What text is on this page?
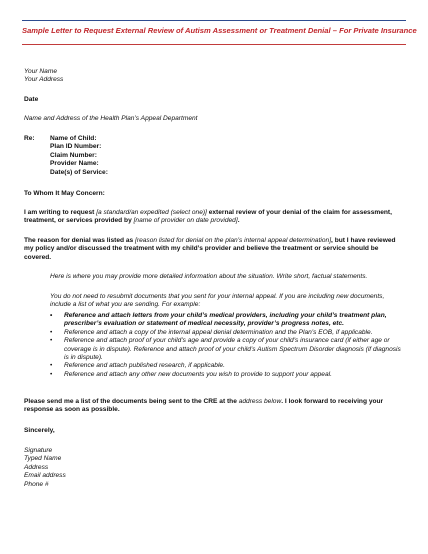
Sample Letter to Request External Review of Autism Assessment or Treatment Denial – For Private Insurance
Your Name
Your Address
Date
Name and Address of the Health Plan’s Appeal Department
Re: Name of Child:
Plan ID Number:
Claim Number:
Provider Name:
Date(s) of Service:
To Whom It May Concern:
I am writing to request [a standard/an expedited (select one)] external review of your denial of the claim for assessment, treatment, or services provided by [name of provider on date provided].
The reason for denial was listed as [reason listed for denial on the plan’s internal appeal determination], but I have reviewed my policy and/or discussed the treatment with my child’s provider and believe the treatment or service should be covered.
Here is where you may provide more detailed information about the situation. Write short, factual statements.
You do not need to resubmit documents that you sent for your internal appeal. If you are including new documents, include a list of what you are sending. For example:
• Reference and attach letters from your child’s medical providers, including your child’s treatment plan, prescriber’s evaluation or statement of medical necessity, provider’s progress notes, etc.
• Reference and attach a copy of the internal appeal denial determination and the Plan’s EOB, if applicable.
• Reference and attach proof of your child’s age and provide a copy of your child’s insurance card (if either age or coverage is in dispute). Reference and attach proof of your child’s Autism Spectrum Disorder diagnosis (if diagnosis is in dispute).
• Reference and attach published research, if applicable.
• Reference and attach any other new documents you wish to provide to support your appeal.
Please send me a list of the documents being sent to the CRE at the address below. I look forward to receiving your response as soon as possible.
Sincerely,
Signature
Typed Name
Address
Email address
Phone #
